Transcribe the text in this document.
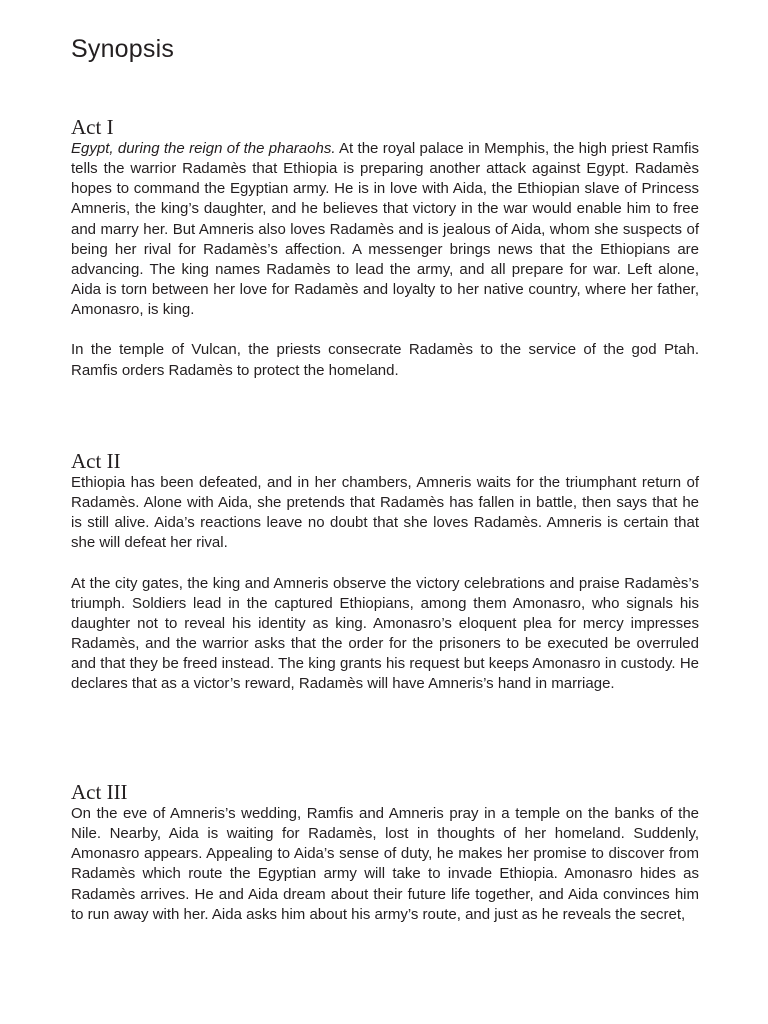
Synopsis
Act I

Egypt, during the reign of the pharaohs. At the royal palace in Memphis, the high priest Ramfis tells the warrior Radamès that Ethiopia is preparing another attack against Egypt. Radamès hopes to command the Egyptian army. He is in love with Aida, the Ethiopian slave of Princess Amneris, the king’s daughter, and he believes that victory in the war would enable him to free and marry her. But Amneris also loves Radamès and is jealous of Aida, whom she suspects of being her rival for Radamès’s affection. A messenger brings news that the Ethiopians are advancing. The king names Radamès to lead the army, and all prepare for war. Left alone, Aida is torn between her love for Radamès and loyalty to her native country, where her father, Amonasro, is king.

In the temple of Vulcan, the priests consecrate Radamès to the service of the god Ptah. Ramfis orders Radamès to protect the homeland.

Act II

Ethiopia has been defeated, and in her chambers, Amneris waits for the triumphant return of Radamès. Alone with Aida, she pretends that Radamès has fallen in battle, then says that he is still alive. Aida’s reactions leave no doubt that she loves Radamès. Amneris is certain that she will defeat her rival.

At the city gates, the king and Amneris observe the victory celebrations and praise Radamès’s triumph. Soldiers lead in the captured Ethiopians, among them Amonasro, who signals his daughter not to reveal his identity as king. Amonasro’s eloquent plea for mercy impresses Radamès, and the warrior asks that the order for the prisoners to be executed be overruled and that they be freed instead. The king grants his request but keeps Amonasro in custody. He declares that as a victor’s reward, Radamès will have Amneris’s hand in marriage.

Act III

On the eve of Amneris’s wedding, Ramfis and Amneris pray in a temple on the banks of the Nile. Nearby, Aida is waiting for Radamès, lost in thoughts of her homeland. Suddenly, Amonasro appears. Appealing to Aida’s sense of duty, he makes her promise to discover from Radamès which route the Egyptian army will take to invade Ethiopia. Amonasro hides as Radamès arrives. He and Aida dream about their future life together, and Aida convinces him to run away with her. Aida asks him about his army’s route, and just as he reveals the secret,
